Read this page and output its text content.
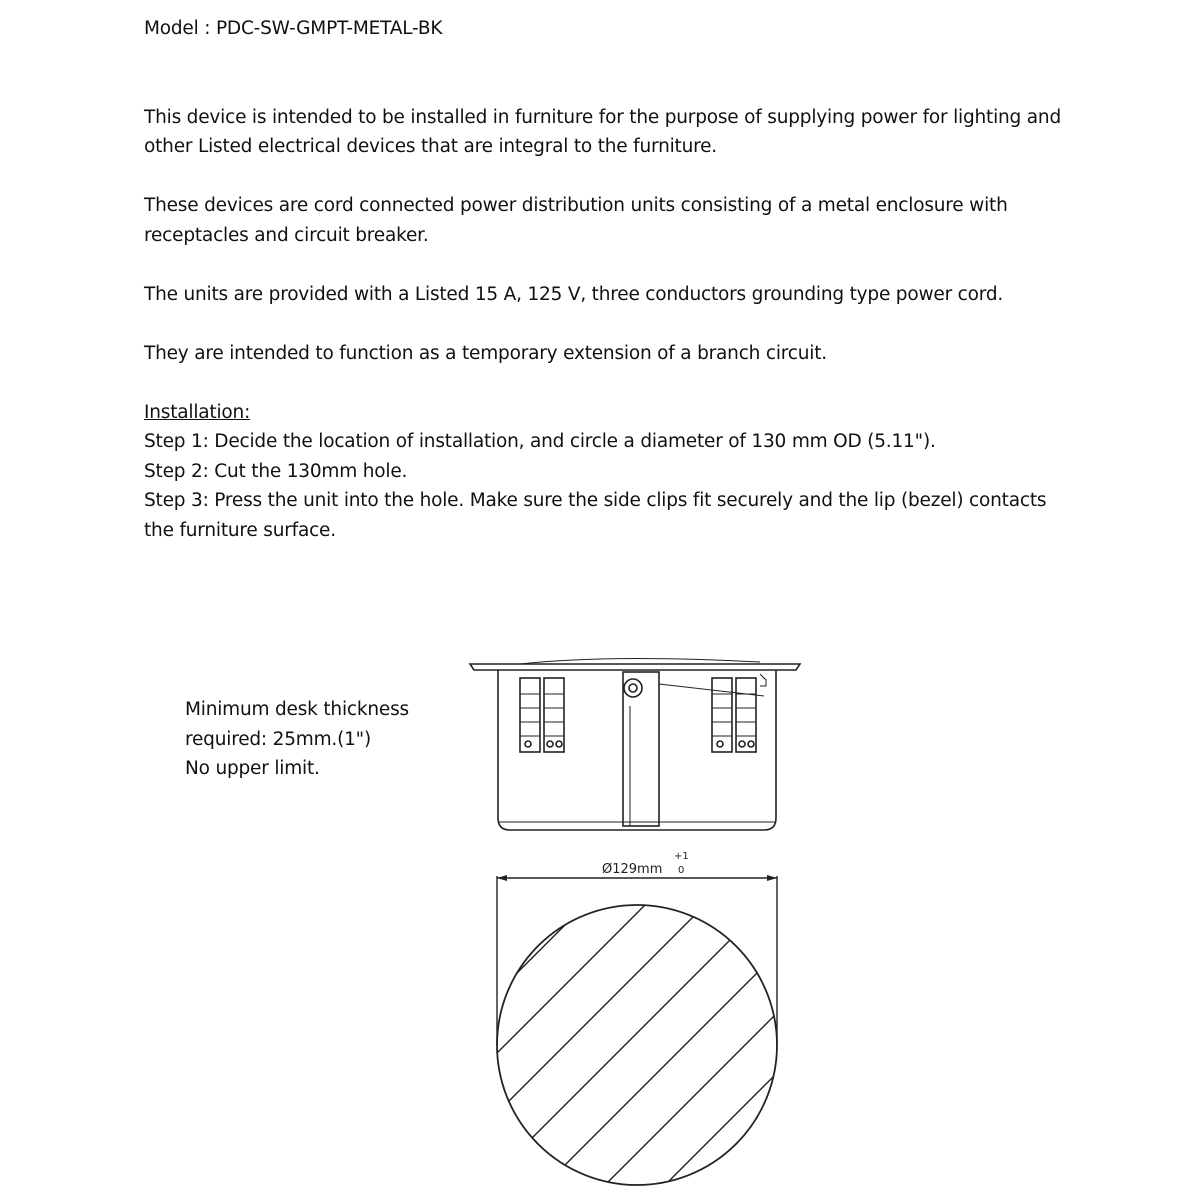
Model : PDC-SW-GMPT-METAL-BK

This device is intended to be installed in furniture for the purpose of supplying power for lighting and other Listed electrical devices that are integral to the furniture.

These devices are cord connected power distribution units consisting of a metal enclosure with receptacles and circuit breaker.

The units are provided with a Listed 15 A, 125 V, three conductors grounding type power cord.

They are intended to function as a temporary extension of a branch circuit.

Installation:

Step 1: Decide the location of installation, and circle a diameter of 130 mm OD (5.11").

Step 2: Cut the 130mm hole.

Step 3: Press the unit into the hole. Make sure the side clips fit securely and the lip (bezel) contacts the furniture surface.

Minimum desk thickness

required: 25mm.(1")

No upper limit.

Ø129mm
+1
0
